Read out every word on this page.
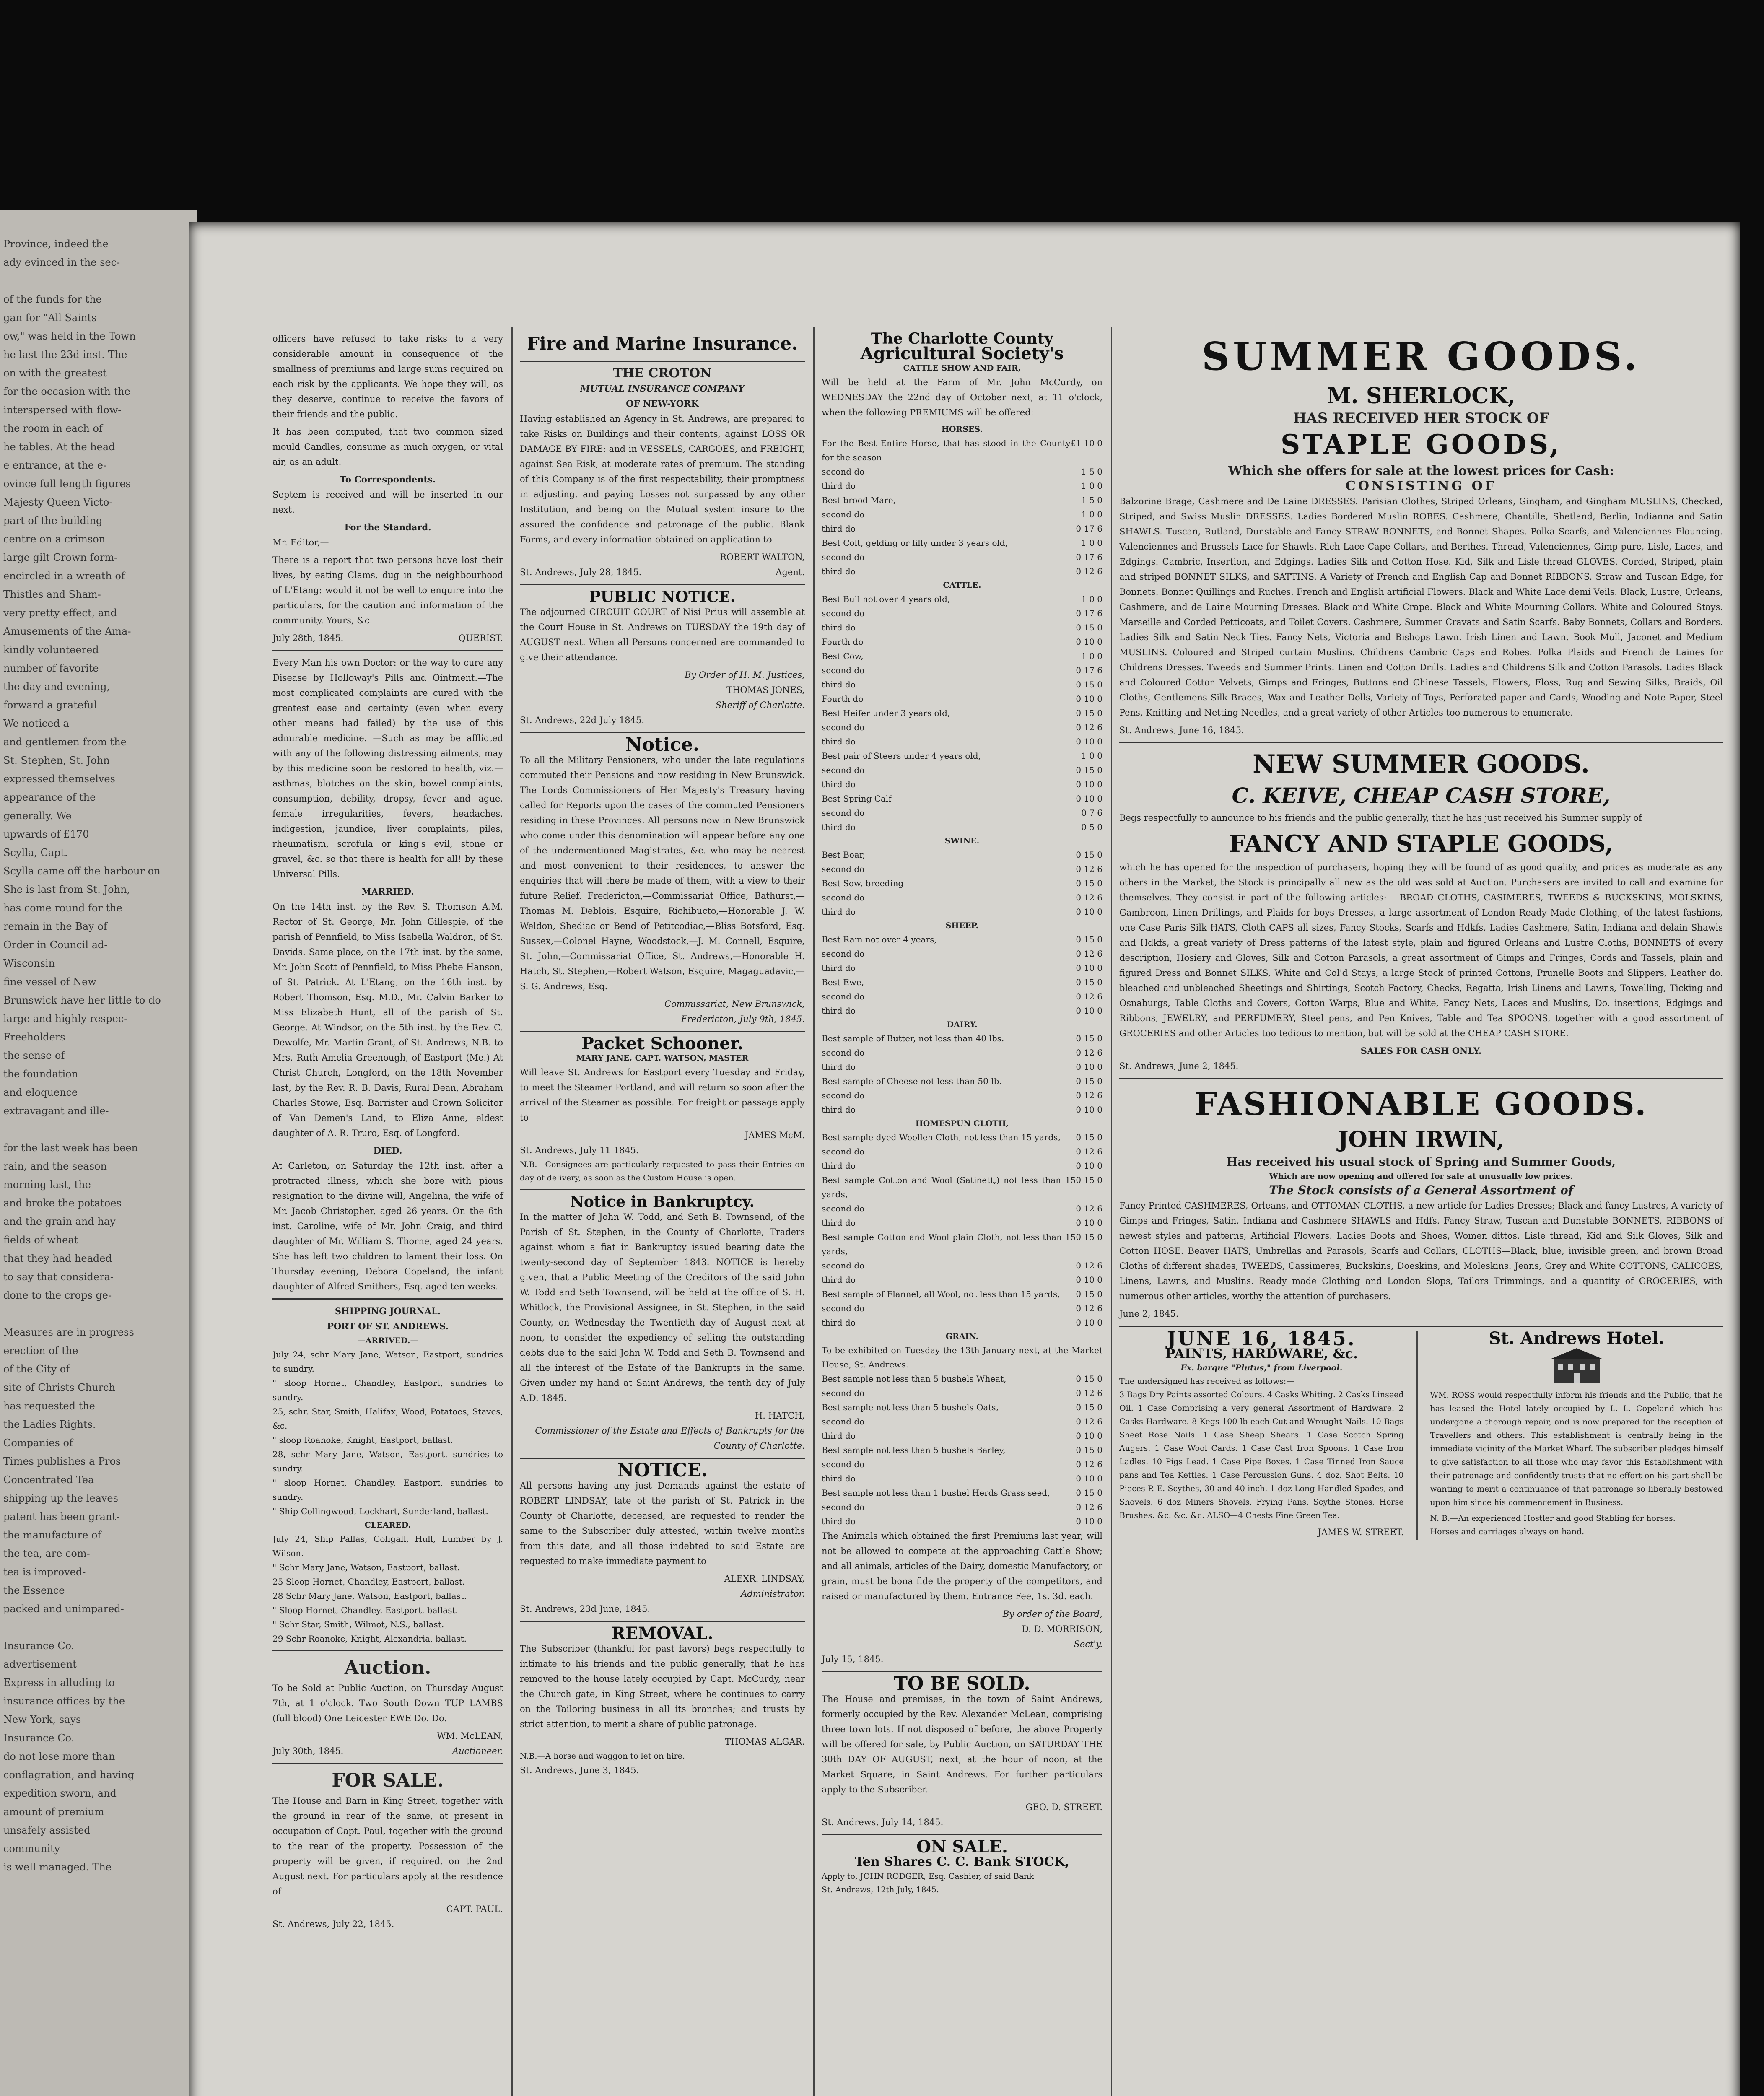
Province, indeed the
ady evinced in the sec-

of the funds for the
gan for "All Saints
ow," was held in the Town
he last the 23d inst. The
on with the greatest
for the occasion with the
interspersed with flow-
the room in each of
he tables. At the head
e entrance, at the e-
ovince full length figures
Majesty Queen Victo-
part of the building
centre on a crimson
large gilt Crown form-
encircled in a wreath of
Thistles and Sham-
very pretty effect, and
Amusements of the Ama-
kindly volunteered
number of favorite
the day and evening,
forward a grateful
We noticed a
and gentlemen from the
St. Stephen, St. John
expressed themselves
appearance of the
generally. We
upwards of £170
Scylla, Capt.
Scylla came off the harbour on
She is last from St. John,
has come round for the
remain in the Bay of
Order in Council ad-
Wisconsin
fine vessel of New
Brunswick have her little to do
large and highly respec-
Freeholders
the sense of
the foundation
and eloquence
extravagant and ille-

for the last week has been
rain, and the season
morning last, the
and broke the potatoes
and the grain and hay
fields of wheat
that they had headed
to say that considera-
done to the crops ge-

Measures are in progress
erection of the
of the City of
site of Christs Church
has requested the
the Ladies Rights.
Companies of
Times publishes a Pros
Concentrated Tea
shipping up the leaves
patent has been grant-
the manufacture of
the tea, are com-
tea is improved-
the Essence
packed and unimpared-

Insurance Co.
advertisement
Express in alluding to
insurance offices by the
New York, says
Insurance Co.
do not lose more than
conflagration, and having
expedition sworn, and
amount of premium
unsafely assisted
community
is well managed. The

officers have refused to take risks to a very considerable amount in consequence of the smallness of premiums and large sums required on each risk by the applicants. We hope they will, as they deserve, continue to receive the favors of their friends and the public.

It has been computed, that two common sized mould Candles, consume as much oxygen, or vital air, as an adult.

To Correspondents.

Septem is received and will be inserted in our next.

For the Standard.

Mr. Editor,—

There is a report that two persons have lost their lives, by eating Clams, dug in the neighbourhood of L'Etang: would it not be well to enquire into the particulars, for the caution and information of the community. Yours, &c.

July 28th, 1845.	QUERIST.

Every Man his own Doctor: or the way to cure any Disease by Holloway's Pills and Ointment.—The most complicated complaints are cured with the greatest ease and certainty (even when every other means had failed) by the use of this admirable medicine. —Such as may be afflicted with any of the following distressing ailments, may by this medicine soon be restored to health, viz.— asthmas, blotches on the skin, bowel complaints, consumption, debility, dropsy, fever and ague, female irregularities, fevers, headaches, indigestion, jaundice, liver complaints, piles, rheumatism, scrofula or king's evil, stone or gravel, &c. so that there is health for all! by these Universal Pills.

MARRIED.

On the 14th inst. by the Rev. S. Thomson A.M. Rector of St. George, Mr. John Gillespie, of the parish of Pennfield, to Miss Isabella Waldron, of St. Davids. Same place, on the 17th inst. by the same, Mr. John Scott of Pennfield, to Miss Phebe Hanson, of St. Patrick. At L'Etang, on the 16th inst. by Robert Thomson, Esq. M.D., Mr. Calvin Barker to Miss Elizabeth Hunt, all of the parish of St. George. At Windsor, on the 5th inst. by the Rev. C. Dewolfe, Mr. Martin Grant, of St. Andrews, N.B. to Mrs. Ruth Amelia Greenough, of Eastport (Me.) At Christ Church, Longford, on the 18th November last, by the Rev. R. B. Davis, Rural Dean, Abraham Charles Stowe, Esq. Barrister and Crown Solicitor of Van Demen's Land, to Eliza Anne, eldest daughter of A. R. Truro, Esq. of Longford.

DIED.

At Carleton, on Saturday the 12th inst. after a protracted illness, which she bore with pious resignation to the divine will, Angelina, the wife of Mr. Jacob Christopher, aged 26 years. On the 6th inst. Caroline, wife of Mr. John Craig, and third daughter of Mr. William S. Thorne, aged 24 years. She has left two children to lament their loss. On Thursday evening, Debora Copeland, the infant daughter of Alfred Smithers, Esq. aged ten weeks.

SHIPPING JOURNAL.
PORT OF ST. ANDREWS.
—ARRIVED.—
July 24, schr Mary Jane, Watson, Eastport, sundries to sundry.
" sloop Hornet, Chandley, Eastport, sundries to sundry.
25, schr. Star, Smith, Halifax, Wood, Potatoes, Staves, &c.
" sloop Roanoke, Knight, Eastport, ballast.
28, schr Mary Jane, Watson, Eastport, sundries to sundry.
" sloop Hornet, Chandley, Eastport, sundries to sundry.
" Ship Collingwood, Lockhart, Sunderland, ballast.
CLEARED.
July 24, Ship Pallas, Coligall, Hull, Lumber by J. Wilson.
" Schr Mary Jane, Watson, Eastport, ballast.
25 Sloop Hornet, Chandley, Eastport, ballast.
28 Schr Mary Jane, Watson, Eastport, ballast.
" Sloop Hornet, Chandley, Eastport, ballast.
" Schr Star, Smith, Wilmot, N.S., ballast.
29 Schr Roanoke, Knight, Alexandria, ballast.
Auction.

To be Sold at Public Auction, on Thursday August 7th, at 1 o'clock. Two South Down TUP LAMBS (full blood) One Leicester EWE Do. Do.

WM. McLEAN,
July 30th, 1845.	Auctioneer.
FOR SALE.

The House and Barn in King Street, together with the ground in rear of the same, at present in occupation of Capt. Paul, together with the ground to the rear of the property. Possession of the property will be given, if required, on the 2nd August next. For particulars apply at the residence of

CAPT. PAUL.
St. Andrews, July 22, 1845.
Fire and Marine Insurance.
THE CROTON
MUTUAL INSURANCE COMPANY
OF NEW-YORK

Having established an Agency in St. Andrews, are prepared to take Risks on Buildings and their contents, against LOSS OR DAMAGE BY FIRE: and in VESSELS, CARGOES, and FREIGHT, against Sea Risk, at moderate rates of premium. The standing of this Company is of the first respectability, their promptness in adjusting, and paying Losses not surpassed by any other Institution, and being on the Mutual system insure to the assured the confidence and patronage of the public. Blank Forms, and every information obtained on application to

ROBERT WALTON,
St. Andrews, July 28, 1845.	Agent.
PUBLIC NOTICE.

The adjourned CIRCUIT COURT of Nisi Prius will assemble at the Court House in St. Andrews on TUESDAY the 19th day of AUGUST next. When all Persons concerned are commanded to give their attendance.

By Order of H. M. Justices,
THOMAS JONES,
Sheriff of Charlotte.
St. Andrews, 22d July 1845.
Notice.

To all the Military Pensioners, who under the late regulations commuted their Pensions and now residing in New Brunswick. The Lords Commissioners of Her Majesty's Treasury having called for Reports upon the cases of the commuted Pensioners residing in these Provinces. All persons now in New Brunswick who come under this denomination will appear before any one of the undermentioned Magistrates, &c. who may be nearest and most convenient to their residences, to answer the enquiries that will there be made of them, with a view to their future Relief. Fredericton,—Commissariat Office, Bathurst,—Thomas M. Deblois, Esquire, Richibucto,—Honorable J. W. Weldon, Shediac or Bend of Petitcodiac,—Bliss Botsford, Esq. Sussex,—Colonel Hayne, Woodstock,—J. M. Connell, Esquire, St. John,—Commissariat Office, St. Andrews,—Honorable H. Hatch, St. Stephen,—Robert Watson, Esquire, Magaguadavic,—S. G. Andrews, Esq.

Commissariat, New Brunswick,
Fredericton, July 9th, 1845.
Packet Schooner.
MARY JANE, CAPT. WATSON, MASTER

Will leave St. Andrews for Eastport every Tuesday and Friday, to meet the Steamer Portland, and will return so soon after the arrival of the Steamer as possible. For freight or passage apply to

JAMES McM.
St. Andrews, July 11 1845.

N.B.—Consignees are particularly requested to pass their Entries on day of delivery, as soon as the Custom House is open.

Notice in Bankruptcy.

In the matter of John W. Todd, and Seth B. Townsend, of the Parish of St. Stephen, in the County of Charlotte, Traders against whom a fiat in Bankruptcy issued bearing date the twenty-second day of September 1843. NOTICE is hereby given, that a Public Meeting of the Creditors of the said John W. Todd and Seth Townsend, will be held at the office of S. H. Whitlock, the Provisional Assignee, in St. Stephen, in the said County, on Wednesday the Twentieth day of August next at noon, to consider the expediency of selling the outstanding debts due to the said John W. Todd and Seth B. Townsend and all the interest of the Estate of the Bankrupts in the same. Given under my hand at Saint Andrews, the tenth day of July A.D. 1845.

H. HATCH,
Commissioner of the Estate and Effects of Bankrupts for the County of Charlotte.
NOTICE.

All persons having any just Demands against the estate of ROBERT LINDSAY, late of the parish of St. Patrick in the County of Charlotte, deceased, are requested to render the same to the Subscriber duly attested, within twelve months from this date, and all those indebted to said Estate are requested to make immediate payment to

ALEXR. LINDSAY,
Administrator.
St. Andrews, 23d June, 1845.
REMOVAL.

The Subscriber (thankful for past favors) begs respectfully to intimate to his friends and the public generally, that he has removed to the house lately occupied by Capt. McCurdy, near the Church gate, in King Street, where he continues to carry on the Tailoring business in all its branches; and trusts by strict attention, to merit a share of public patronage.

THOMAS ALGAR.
N.B.—A horse and waggon to let on hire.
St. Andrews, June 3, 1845.
The Charlotte County
Agricultural Society's
CATTLE SHOW AND FAIR,

Will be held at the Farm of Mr. John McCurdy, on WEDNESDAY the 22nd day of October next, at 11 o'clock, when the following PREMIUMS will be offered:

HORSES.
For the Best Entire Horse, that has stood in the County for the season
£1 10 0
second do	1 5 0
third do	1 0 0
Best brood Mare,	1 5 0
second do	1 0 0
third do	0 17 6
Best Colt, gelding or filly under 3 years old,	1 0 0
second do	0 17 6
third do	0 12 6
CATTLE.
Best Bull not over 4 years old,	1 0 0
second do	0 17 6
third do	0 15 0
Fourth do	0 10 0
Best Cow,	1 0 0
second do	0 17 6
third do	0 15 0
Fourth do	0 10 0
Best Heifer under 3 years old,	0 15 0
second do	0 12 6
third do	0 10 0
Best pair of Steers under 4 years old,	1 0 0
second do	0 15 0
third do	0 10 0
Best Spring Calf	0 10 0
second do	0 7 6
third do	0 5 0
SWINE.
Best Boar,	0 15 0
second do	0 12 6
Best Sow, breeding	0 15 0
second do	0 12 6
third do	0 10 0
SHEEP.
Best Ram not over 4 years,	0 15 0
second do	0 12 6
third do	0 10 0
Best Ewe,	0 15 0
second do	0 12 6
third do	0 10 0
DAIRY.
Best sample of Butter, not less than 40 lbs.	0 15 0
second do	0 12 6
third do	0 10 0
Best sample of Cheese not less than 50 lb.	0 15 0
second do	0 12 6
third do	0 10 0
HOMESPUN CLOTH,
Best sample dyed Woollen Cloth, not less than 15 yards, 0 15 0
second do	0 12 6
third do	0 10 0
Best sample Cotton and Wool (Satinett,) not less than 15 yards,
0 15 0
second do	0 12 6
third do	0 10 0
Best sample Cotton and Wool plain Cloth, not less than 15 yards,
0 15 0
second do	0 12 6
third do	0 10 0
Best sample of Flannel, all Wool, not less than 15 yards, 0 15 0
second do	0 12 6
third do	0 10 0
GRAIN.
To be exhibited on Tuesday the 13th January next, at the Market House, St. Andrews.
Best sample not less than 5 bushels Wheat,	0 15 0
second do	0 12 6
Best sample not less than 5 bushels Oats,	0 15 0
second do	0 12 6
third do	0 10 0
Best sample not less than 5 bushels Barley,	0 15 0
second do	0 12 6
third do	0 10 0
Best sample not less than 1 bushel Herds Grass seed,	0 15 0
second do	0 12 6
third do	0 10 0

The Animals which obtained the first Premiums last year, will not be allowed to compete at the approaching Cattle Show; and all animals, articles of the Dairy, domestic Manufactory, or grain, must be bona fide the property of the competitors, and raised or manufactured by them. Entrance Fee, 1s. 3d. each.

By order of the Board,
D. D. MORRISON,
Sect'y.
July 15, 1845.
TO BE SOLD.

The House and premises, in the town of Saint Andrews, formerly occupied by the Rev. Alexander McLean, comprising three town lots. If not disposed of before, the above Property will be offered for sale, by Public Auction, on SATURDAY THE 30th DAY OF AUGUST, next, at the hour of noon, at the Market Square, in Saint Andrews. For further particulars apply to the Subscriber.

GEO. D. STREET.
St. Andrews, July 14, 1845.
ON SALE.
Ten Shares C. C. Bank STOCK,
Apply to, JOHN RODGER, Esq. Cashier, of said Bank
St. Andrews, 12th July, 1845.
SUMMER GOODS.
M. SHERLOCK,
HAS RECEIVED HER STOCK OF
STAPLE GOODS,
Which she offers for sale at the lowest prices for Cash:
CONSISTING OF

Balzorine Brage, Cashmere and De Laine DRESSES. Parisian Clothes, Striped Orleans, Gingham, and Gingham MUSLINS, Checked, Striped, and Swiss Muslin DRESSES. Ladies Bordered Muslin ROBES. Cashmere, Chantille, Shetland, Berlin, Indianna and Satin SHAWLS. Tuscan, Rutland, Dunstable and Fancy STRAW BONNETS, and Bonnet Shapes. Polka Scarfs, and Valenciennes Flouncing. Valenciennes and Brussels Lace for Shawls. Rich Lace Cape Collars, and Berthes. Thread, Valenciennes, Gimp-pure, Lisle, Laces, and Edgings. Cambric, Insertion, and Edgings. Ladies Silk and Cotton Hose. Kid, Silk and Lisle thread GLOVES. Corded, Striped, plain and striped BONNET SILKS, and SATTINS. A Variety of French and English Cap and Bonnet RIBBONS. Straw and Tuscan Edge, for Bonnets. Bonnet Quillings and Ruches. French and English artificial Flowers. Black and White Lace demi Veils. Black, Lustre, Orleans, Cashmere, and de Laine Mourning Dresses. Black and White Crape. Black and White Mourning Collars. White and Coloured Stays. Marseille and Corded Petticoats, and Toilet Covers. Cashmere, Summer Cravats and Satin Scarfs. Baby Bonnets, Collars and Borders. Ladies Silk and Satin Neck Ties. Fancy Nets, Victoria and Bishops Lawn. Irish Linen and Lawn. Book Mull, Jaconet and Medium MUSLINS. Coloured and Striped curtain Muslins. Childrens Cambric Caps and Robes. Polka Plaids and French de Laines for Childrens Dresses. Tweeds and Summer Prints. Linen and Cotton Drills. Ladies and Childrens Silk and Cotton Parasols. Ladies Black and Coloured Cotton Velvets, Gimps and Fringes, Buttons and Chinese Tassels, Flowers, Floss, Rug and Sewing Silks, Braids, Oil Cloths, Gentlemens Silk Braces, Wax and Leather Dolls, Variety of Toys, Perforated paper and Cards, Wooding and Note Paper, Steel Pens, Knitting and Netting Needles, and a great variety of other Articles too numerous to enumerate.

St. Andrews, June 16, 1845.
NEW SUMMER GOODS.
C. KEIVE, CHEAP CASH STORE,

Begs respectfully to announce to his friends and the public generally, that he has just received his Summer supply of

FANCY AND STAPLE GOODS,

which he has opened for the inspection of purchasers, hoping they will be found of as good quality, and prices as moderate as any others in the Market, the Stock is principally all new as the old was sold at Auction. Purchasers are invited to call and examine for themselves. They consist in part of the following articles:— BROAD CLOTHS, CASIMERES, TWEEDS & BUCKSKINS, MOLSKINS, Gambroon, Linen Drillings, and Plaids for boys Dresses, a large assortment of London Ready Made Clothing, of the latest fashions, one Case Paris Silk HATS, Cloth CAPS all sizes, Fancy Stocks, Scarfs and Hdkfs, Ladies Cashmere, Satin, Indiana and delain Shawls and Hdkfs, a great variety of Dress patterns of the latest style, plain and figured Orleans and Lustre Cloths, BONNETS of every description, Hosiery and Gloves, Silk and Cotton Parasols, a great assortment of Gimps and Fringes, Cords and Tassels, plain and figured Dress and Bonnet SILKS, White and Col'd Stays, a large Stock of printed Cottons, Prunelle Boots and Slippers, Leather do. bleached and unbleached Sheetings and Shirtings, Scotch Factory, Checks, Regatta, Irish Linens and Lawns, Towelling, Ticking and Osnaburgs, Table Cloths and Covers, Cotton Warps, Blue and White, Fancy Nets, Laces and Muslins, Do. insertions, Edgings and Ribbons, JEWELRY, and PERFUMERY, Steel pens, and Pen Knives, Table and Tea SPOONS, together with a good assortment of GROCERIES and other Articles too tedious to mention, but will be sold at the CHEAP CASH STORE.

SALES FOR CASH ONLY.
St. Andrews, June 2, 1845.
FASHIONABLE GOODS.
JOHN IRWIN,
Has received his usual stock of Spring and Summer Goods,
Which are now opening and offered for sale at unusually low prices.
The Stock consists of a General Assortment of

Fancy Printed CASHMERES, Orleans, and OTTOMAN CLOTHS, a new article for Ladies Dresses; Black and fancy Lustres, A variety of Gimps and Fringes, Satin, Indiana and Cashmere SHAWLS and Hdfs. Fancy Straw, Tuscan and Dunstable BONNETS, RIBBONS of newest styles and patterns, Artificial Flowers. Ladies Boots and Shoes, Women dittos. Lisle thread, Kid and Silk Gloves, Silk and Cotton HOSE. Beaver HATS, Umbrellas and Parasols, Scarfs and Collars, CLOTHS—Black, blue, invisible green, and brown Broad Cloths of different shades, TWEEDS, Cassimeres, Buckskins, Doeskins, and Moleskins. Jeans, Grey and White COTTONS, CALICOES, Linens, Lawns, and Muslins. Ready made Clothing and London Slops, Tailors Trimmings, and a quantity of GROCERIES, with numerous other articles, worthy the attention of purchasers.

June 2, 1845.
JUNE 16, 1845.
PAINTS, HARDWARE, &c.
Ex. barque "Plutus," from Liverpool.
The undersigned has received as follows:—

3 Bags Dry Paints assorted Colours. 4 Casks Whiting. 2 Casks Linseed Oil. 1 Case Comprising a very general Assortment of Hardware. 2 Casks Hardware. 8 Kegs 100 lb each Cut and Wrought Nails. 10 Bags Sheet Rose Nails. 1 Case Sheep Shears. 1 Case Scotch Spring Augers. 1 Case Wool Cards. 1 Case Cast Iron Spoons. 1 Case Iron Ladles. 10 Pigs Lead. 1 Case Pipe Boxes. 1 Case Tinned Iron Sauce pans and Tea Kettles. 1 Case Percussion Guns. 4 doz. Shot Belts. 10 Pieces P. E. Scythes, 30 and 40 inch. 1 doz Long Handled Spades, and Shovels. 6 doz Miners Shovels, Frying Pans, Scythe Stones, Horse Brushes. &c. &c. &c. ALSO—4 Chests Fine Green Tea.

JAMES W. STREET.
St. Andrews Hotel.

WM. ROSS would respectfully inform his friends and the Public, that he has leased the Hotel lately occupied by L. L. Copeland which has undergone a thorough repair, and is now prepared for the reception of Travellers and others. This establishment is centrally being in the immediate vicinity of the Market Wharf. The subscriber pledges himself to give satisfaction to all those who may favor this Establishment with their patronage and confidently trusts that no effort on his part shall be wanting to merit a continuance of that patronage so liberally bestowed upon him since his commencement in Business.

N. B.—An experienced Hostler and good Stabling for horses.
Horses and carriages always on hand.
